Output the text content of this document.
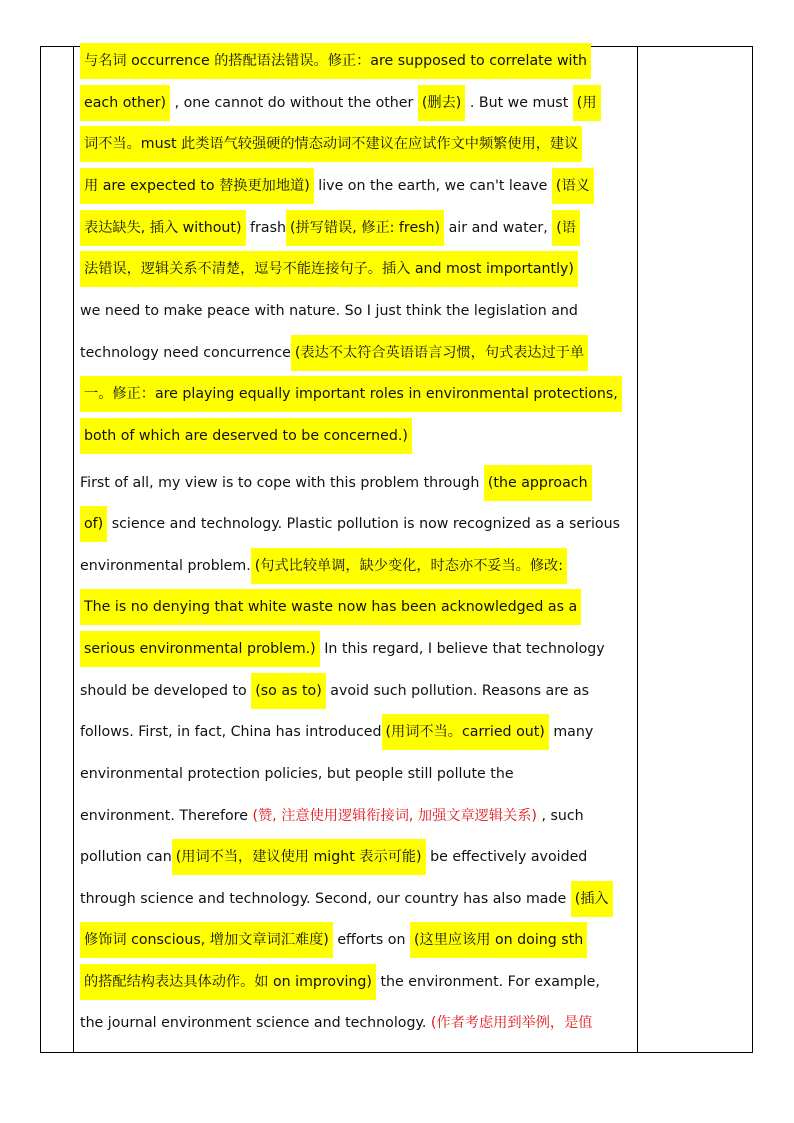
与名词 occurrence 的搭配语法错误。修正：are supposed to correlate with
each other) , one cannot do without the other (删去) . But we must (用
词不当。must 此类语气较强硬的情态动词不建议在应试作文中频繁使用，建议
用 are expected to 替换更加地道) live on the earth, we can't leave (语义
表达缺失, 插入 without) frash (拼写错误, 修正: fresh) air and water, (语
法错误，逻辑关系不清楚，逗号不能连接句子。插入 and most importantly)
we need to make peace with nature. So I just think the legislation and
technology need concurrence (表达不太符合英语语言习惯，句式表达过于单
一。修正：are playing equally important roles in environmental protections,
both of which are deserved to be concerned.)
First of all, my view is to cope with this problem through (the approach
of) science and technology. Plastic pollution is now recognized as a serious
environmental problem. (句式比较单调，缺少变化，时态亦不妥当。修改:
The is no denying that white waste now has been acknowledged as a
serious environmental problem.) In this regard, I believe that technology
should be developed to (so as to) avoid such pollution. Reasons are as
follows. First, in fact, China has introduced (用词不当。carried out) many
environmental protection policies, but people still pollute the
environment. Therefore (赞, 注意使用逻辑衔接词, 加强文章逻辑关系) , such
pollution can (用词不当，建议使用 might 表示可能) be effectively avoided
through science and technology. Second, our country has also made (插入
修饰词 conscious, 增加文章词汇难度) efforts on (这里应该用 on doing sth
的搭配结构表达具体动作。如 on improving) the environment. For example,
the journal environment science and technology. (作者考虑用到举例，是值
